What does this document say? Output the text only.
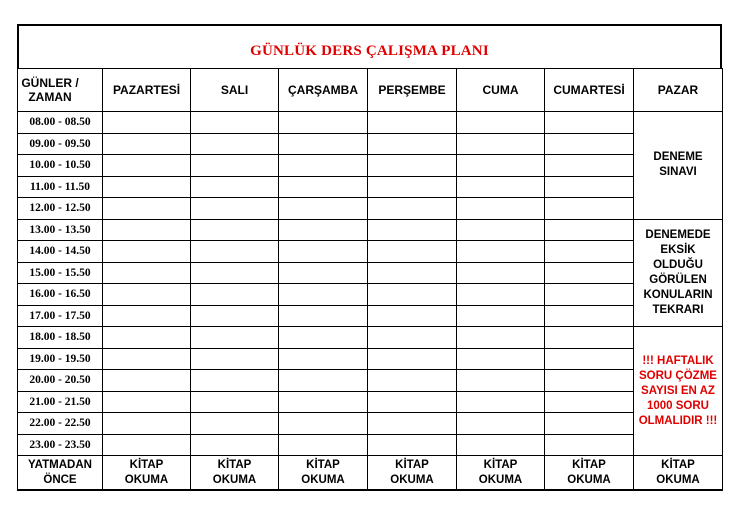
GÜNLÜK DERS ÇALIŞMA PLANI
GÜNLER / ZAMAN	PAZARTESİ	SALI	ÇARŞAMBA	PERŞEMBE	CUMA	CUMARTESİ	PAZAR
08.00 - 08.50							DENEME SINAVI

09.00 - 09.50							
10.00 - 10.50							
11.00 - 11.50							
12.00 - 12.50							
13.00 - 13.50							DENEMEDE EKSİK OLDUĞU GÖRÜLEN KONULARIN TEKRARI

14.00 - 14.50							
15.00 - 15.50							
16.00 - 16.50							
17.00 - 17.50							
18.00 - 18.50							!!! HAFTALIK SORU ÇÖZME SAYISI EN AZ 1000 SORU OLMALIDIR !!!

19.00 - 19.50							
20.00 - 20.50							
21.00 - 21.50							
22.00 - 22.50							
23.00 - 23.50							

YATMADAN ÖNCE	KİTAP OKUMA	KİTAP OKUMA	KİTAP OKUMA	KİTAP OKUMA	KİTAP OKUMA	KİTAP OKUMA	KİTAP OKUMA
